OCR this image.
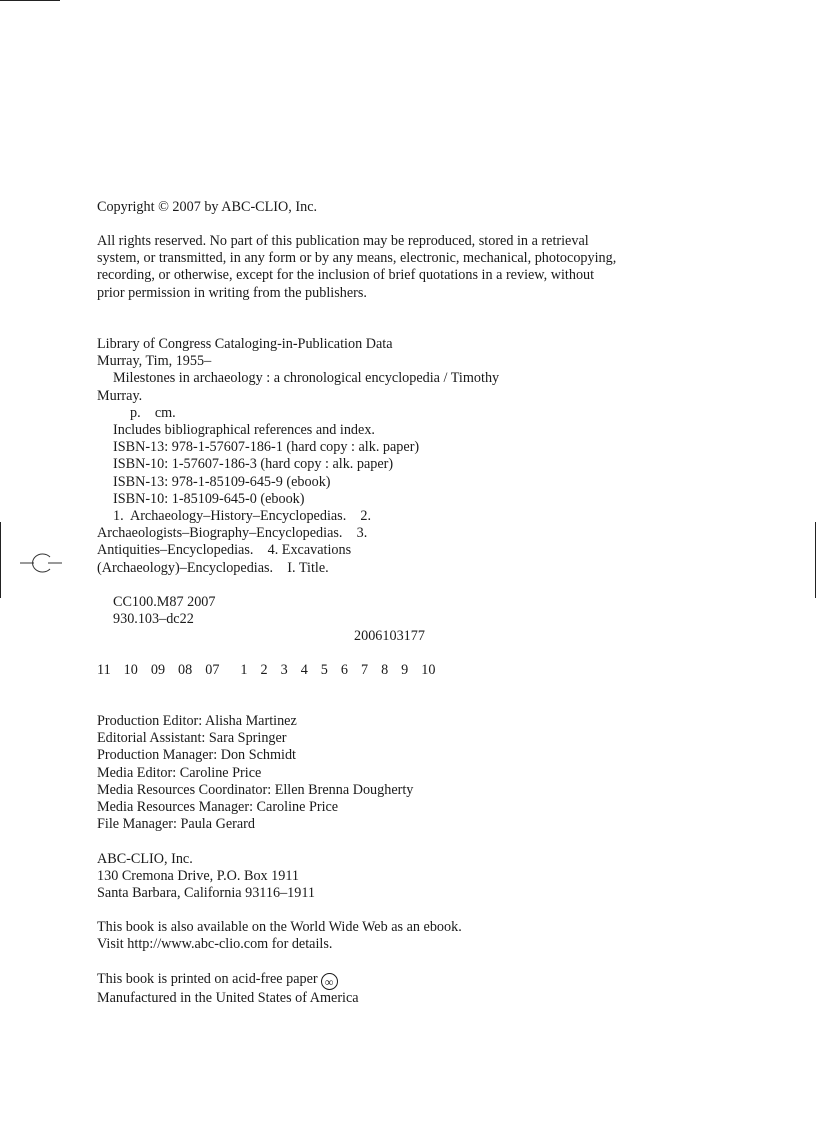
Copyright © 2007 by ABC-CLIO, Inc.
All rights reserved. No part of this publication may be reproduced, stored in a retrieval
system, or transmitted, in any form or by any means, electronic, mechanical, photocopying,
recording, or otherwise, except for the inclusion of brief quotations in a review, without
prior permission in writing from the publishers.
Library of Congress Cataloging-in-Publication Data
Murray, Tim, 1955–
Milestones in archaeology : a chronological encyclopedia / Timothy
Murray.
p.    cm.
Includes bibliographical references and index.
ISBN-13: 978-1-57607-186-1 (hard copy : alk. paper)
ISBN-10: 1-57607-186-3 (hard copy : alk. paper)
ISBN-13: 978-1-85109-645-9 (ebook)
ISBN-10: 1-85109-645-0 (ebook)
1.  Archaeology–History–Encyclopedias.    2.
Archaeologists–Biography–Encyclopedias.    3.
Antiquities–Encyclopedias.    4. Excavations
(Archaeology)–Encyclopedias.    I. Title.
CC100.M87 2007
930.103–dc22
2006103177
11 10 09 08 07 1 2 3 4 5 6 7 8 9 10
Production Editor: Alisha Martinez
Editorial Assistant: Sara Springer
Production Manager: Don Schmidt
Media Editor: Caroline Price
Media Resources Coordinator: Ellen Brenna Dougherty
Media Resources Manager: Caroline Price
File Manager: Paula Gerard
ABC-CLIO, Inc.
130 Cremona Drive, P.O. Box 1911
Santa Barbara, California 93116–1911
This book is also available on the World Wide Web as an ebook.
Visit http://www.abc-clio.com for details.
This book is printed on acid-free paper ∞
Manufactured in the United States of America
